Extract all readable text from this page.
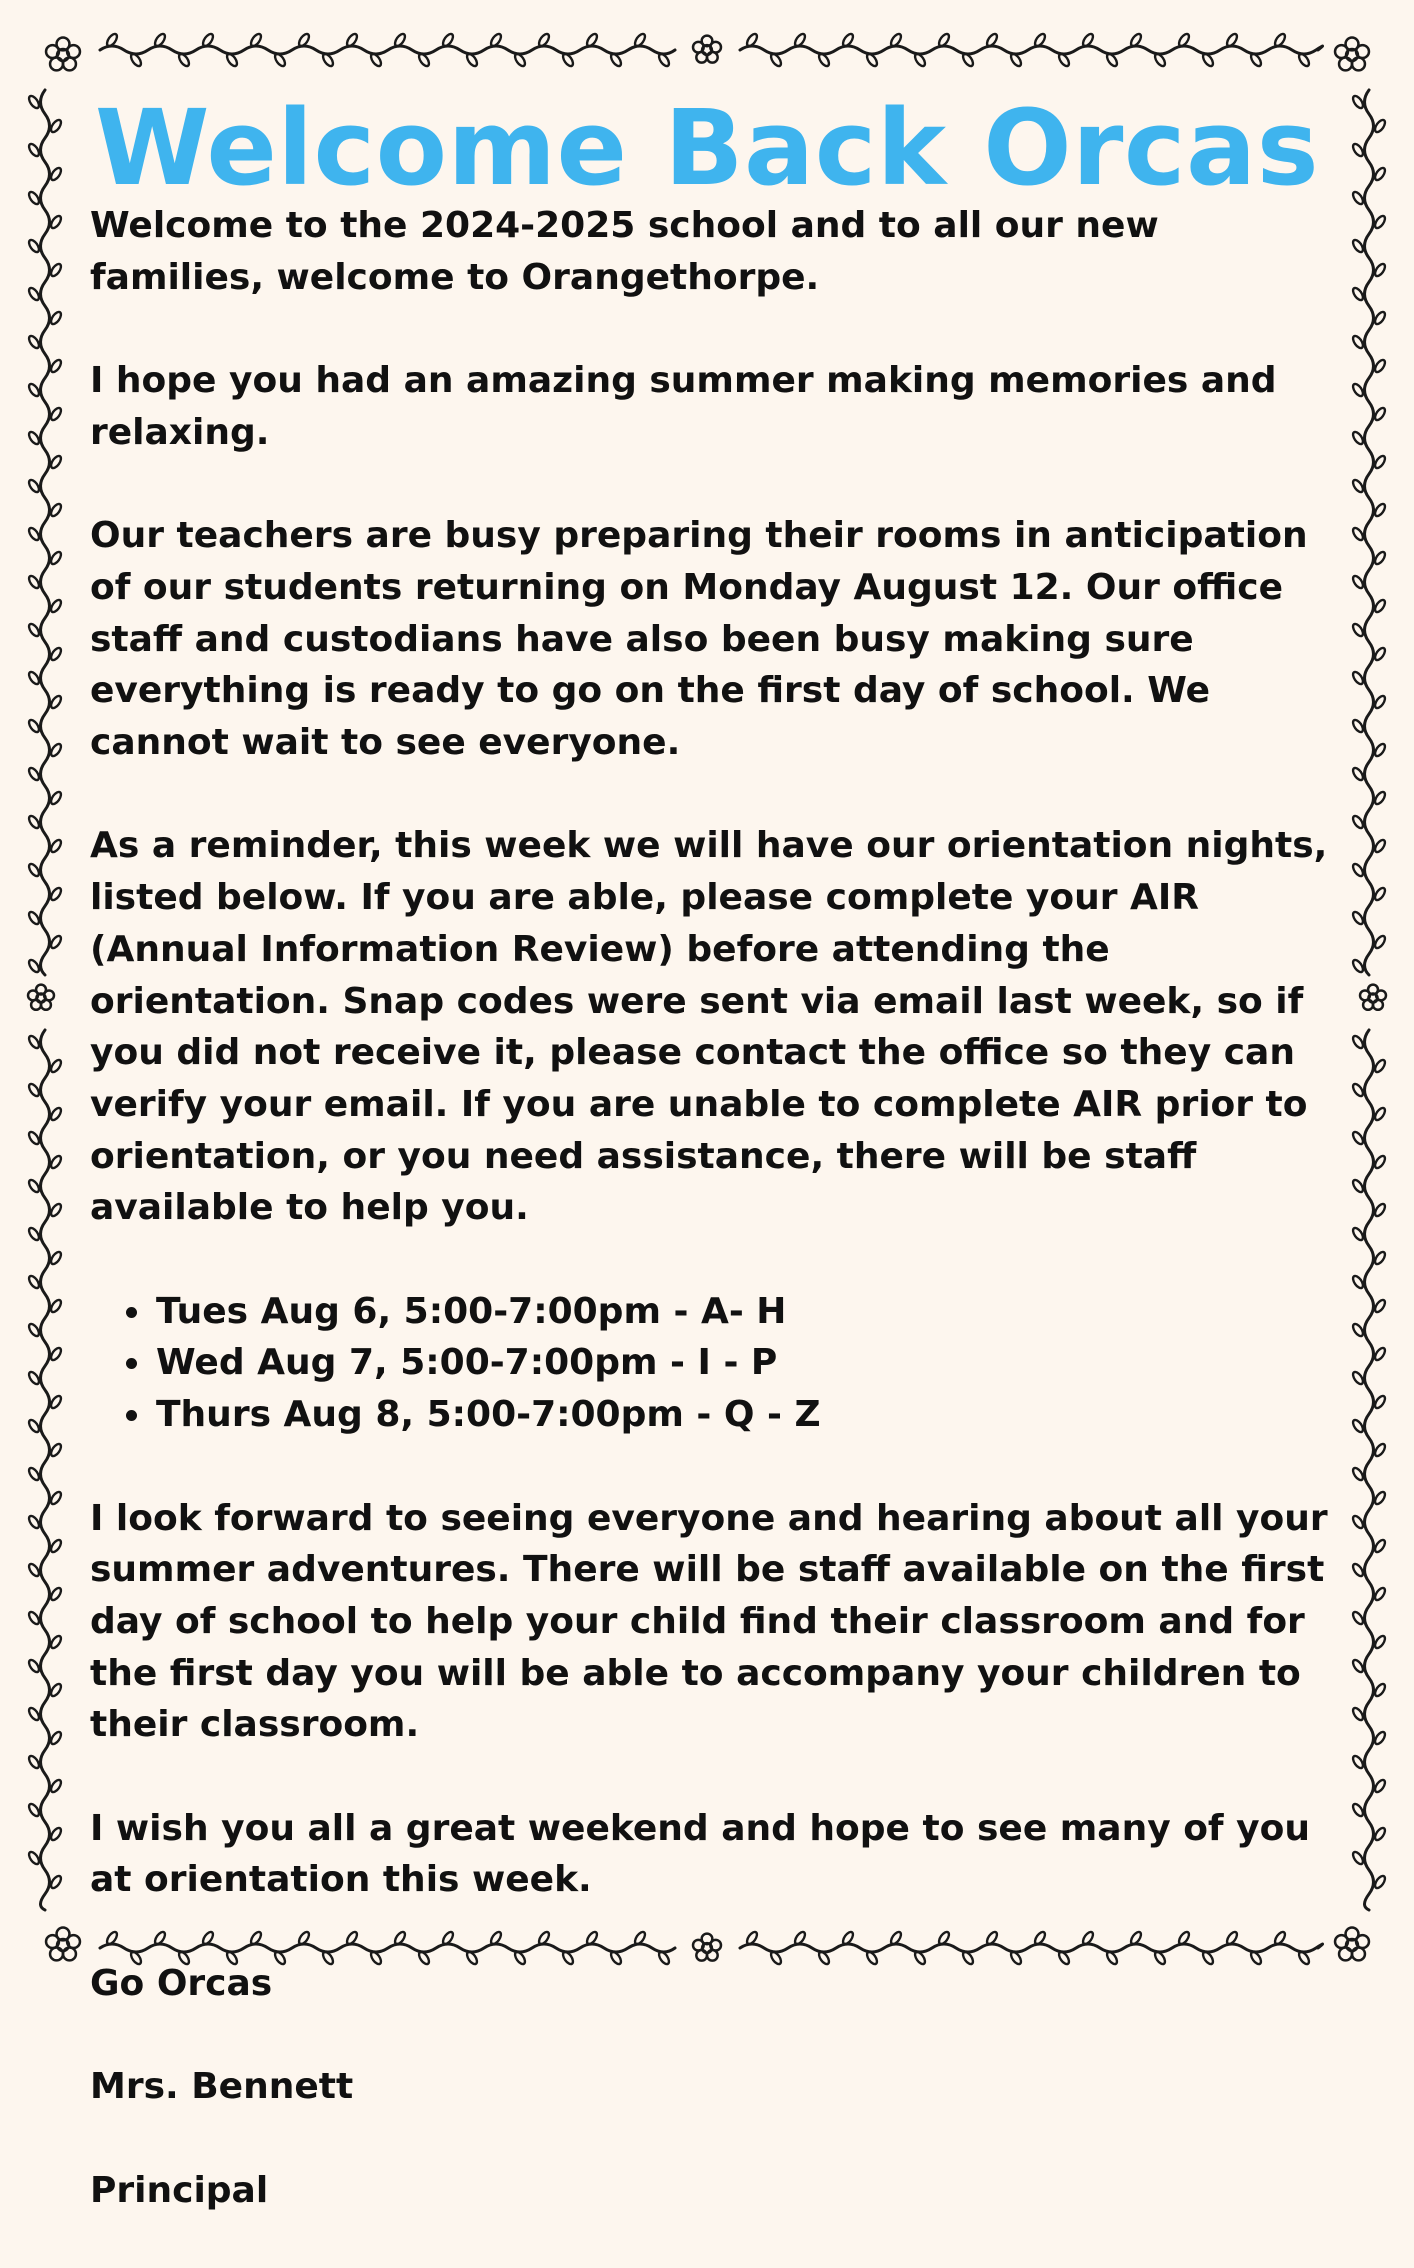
Welcome Back Orcas

Welcome to the 2024-2025 school and to all our new families, welcome to Orangethorpe.

I hope you had an amazing summer making memories and relaxing.

Our teachers are busy preparing their rooms in anticipation of our students returning on Monday August 12. Our office staff and custodians have also been busy making sure everything is ready to go on the first day of school. We cannot wait to see everyone.

As a reminder, this week we will have our orientation nights, listed below. If you are able, please complete your AIR (Annual Information Review) before attending the orientation. Snap codes were sent via email last week, so if you did not receive it, please contact the office so they can verify your email. If you are unable to complete AIR prior to orientation, or you need assistance, there will be staff available to help you.

• Tues Aug 6, 5:00-7:00pm - A- H
• Wed Aug 7, 5:00-7:00pm - I - P
• Thurs Aug 8, 5:00-7:00pm - Q - Z

I look forward to seeing everyone and hearing about all your summer adventures. There will be staff available on the first day of school to help your child find their classroom and for the first day you will be able to accompany your children to their classroom.

I wish you all a great weekend and hope to see many of you at orientation this week.

Go Orcas

Mrs. Bennett

Principal
